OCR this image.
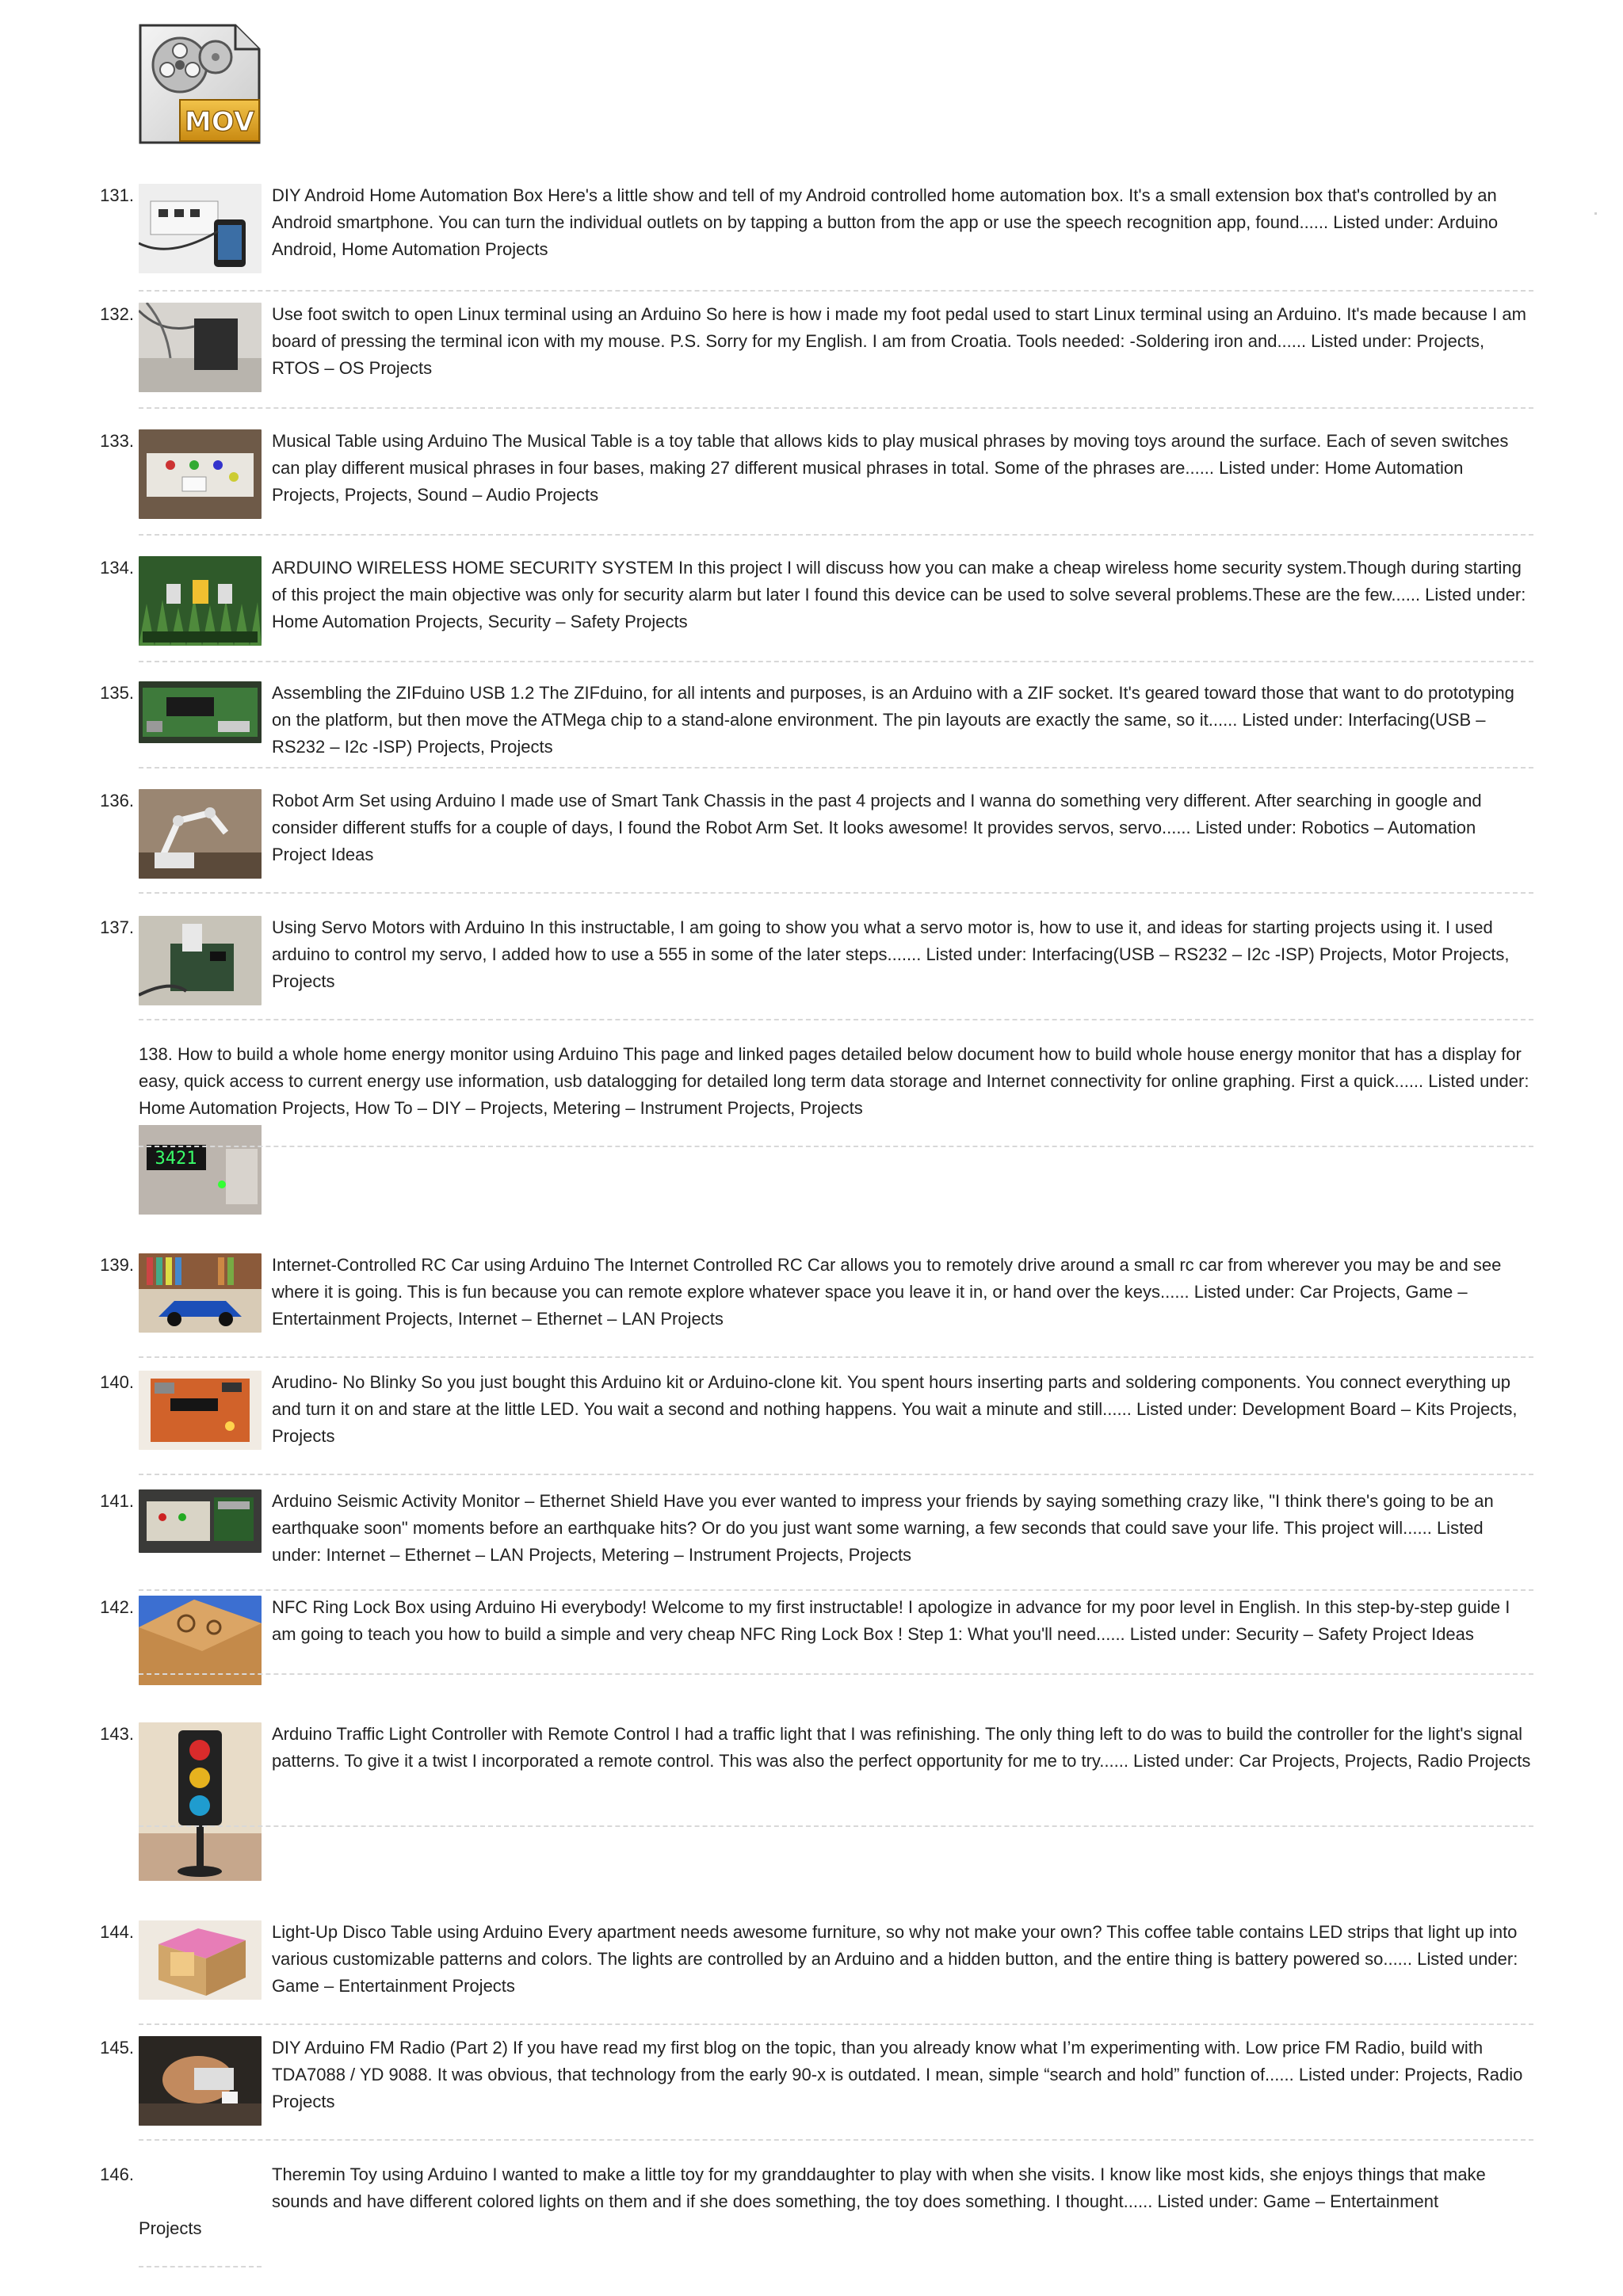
MOV
131.	DIY Android Home Automation Box Here's a little show and tell of my Android controlled home automation box. It's a small extension box that's controlled by an Android smartphone. You can turn the individual outlets on by tapping a button from the app or use the speech recognition app, found...... Listed under: Arduino Android, Home Automation Projects
132.	Use foot switch to open Linux terminal using an Arduino So here is how i made my foot pedal used to start Linux terminal using an Arduino. It's made because I am board of pressing the terminal icon with my mouse. P.S. Sorry for my English. I am from Croatia. Tools needed: -Soldering iron and...... Listed under: Projects, RTOS – OS Projects
133.	Musical Table using Arduino The Musical Table is a toy table that allows kids to play musical phrases by moving toys around the surface. Each of seven switches can play different musical phrases in four bases, making 27 different musical phrases in total. Some of the phrases are...... Listed under: Home Automation Projects, Projects, Sound – Audio Projects
134.	ARDUINO WIRELESS HOME SECURITY SYSTEM In this project I will discuss how you can make a cheap wireless home security system.Though during starting of this project the main objective was only for security alarm but later I found this device can be used to solve several problems.These are the few...... Listed under: Home Automation Projects, Security – Safety Projects
135.	Assembling the ZIFduino USB 1.2 The ZIFduino, for all intents and purposes, is an Arduino with a ZIF socket. It's geared toward those that want to do prototyping on the platform, but then move the ATMega chip to a stand-alone environment. The pin layouts are exactly the same, so it...... Listed under: Interfacing(USB – RS232 – I2c -ISP) Projects, Projects
136.	Robot Arm Set using Arduino I made use of Smart Tank Chassis in the past 4 projects and I wanna do something very different. After searching in google and consider different stuffs for a couple of days, I found the Robot Arm Set. It looks awesome! It provides servos, servo...... Listed under: Robotics – Automation Project Ideas
137.	Using Servo Motors with Arduino In this instructable, I am going to show you what a servo motor is, how to use it, and ideas for starting projects using it. I used arduino to control my servo, I added how to use a 555 in some of the later steps....... Listed under: Interfacing(USB – RS232 – I2c -ISP) Projects, Motor Projects, Projects
138. How to build a whole home energy monitor using Arduino This page and linked pages detailed below document how to build whole house energy monitor that has a display for easy, quick access to current energy use information, usb datalogging for detailed long term data storage and Internet connectivity for online graphing. First a quick...... Listed under: Home Automation Projects, How To – DIY – Projects, Metering – Instrument Projects, Projects
3421
139.	Internet-Controlled RC Car using Arduino The Internet Controlled RC Car allows you to remotely drive around a small rc car from wherever you may be and see where it is going. This is fun because you can remote explore whatever space you leave it in, or hand over the keys...... Listed under: Car Projects, Game – Entertainment Projects, Internet – Ethernet – LAN Projects
140.	Arudino- No Blinky So you just bought this Arduino kit or Arduino-clone kit. You spent hours inserting parts and soldering components. You connect everything up and turn it on and stare at the little LED. You wait a second and nothing happens. You wait a minute and still...... Listed under: Development Board – Kits Projects, Projects
141.	Arduino Seismic Activity Monitor – Ethernet Shield Have you ever wanted to impress your friends by saying something crazy like, "I think there's going to be an earthquake soon" moments before an earthquake hits? Or do you just want some warning, a few seconds that could save your life. This project will...... Listed under: Internet – Ethernet – LAN Projects, Metering – Instrument Projects, Projects
142.	NFC Ring Lock Box using Arduino Hi everybody! Welcome to my first instructable! I apologize in advance for my poor level in English. In this step-by-step guide I am going to teach you how to build a simple and very cheap NFC Ring Lock Box ! Step 1: What you'll need...... Listed under: Security – Safety Project Ideas
143.	Arduino Traffic Light Controller with Remote Control I had a traffic light that I was refinishing. The only thing left to do was to build the controller for the light's signal patterns. To give it a twist I incorporated a remote control. This was also the perfect opportunity for me to try...... Listed under: Car Projects, Projects, Radio Projects
144.	Light-Up Disco Table using Arduino Every apartment needs awesome furniture, so why not make your own? This coffee table contains LED strips that light up into various customizable patterns and colors. The lights are controlled by an Arduino and a hidden button, and the entire thing is battery powered so...... Listed under: Game – Entertainment Projects
145.	DIY Arduino FM Radio (Part 2) If you have read my first blog on the topic, than you already know what I’m experimenting with. Low price FM Radio, build with TDA7088 / YD 9088. It was obvious, that technology from the early 90-x is outdated. I mean, simple “search and hold” function of...... Listed under: Projects, Radio Projects
146.	Theremin Toy using Arduino I wanted to make a little toy for my granddaughter to play with when she visits. I know like most kids, she enjoys things that make sounds and have different colored lights on them and if she does something, the toy does something. I thought...... Listed under: Game – Entertainment
Projects
